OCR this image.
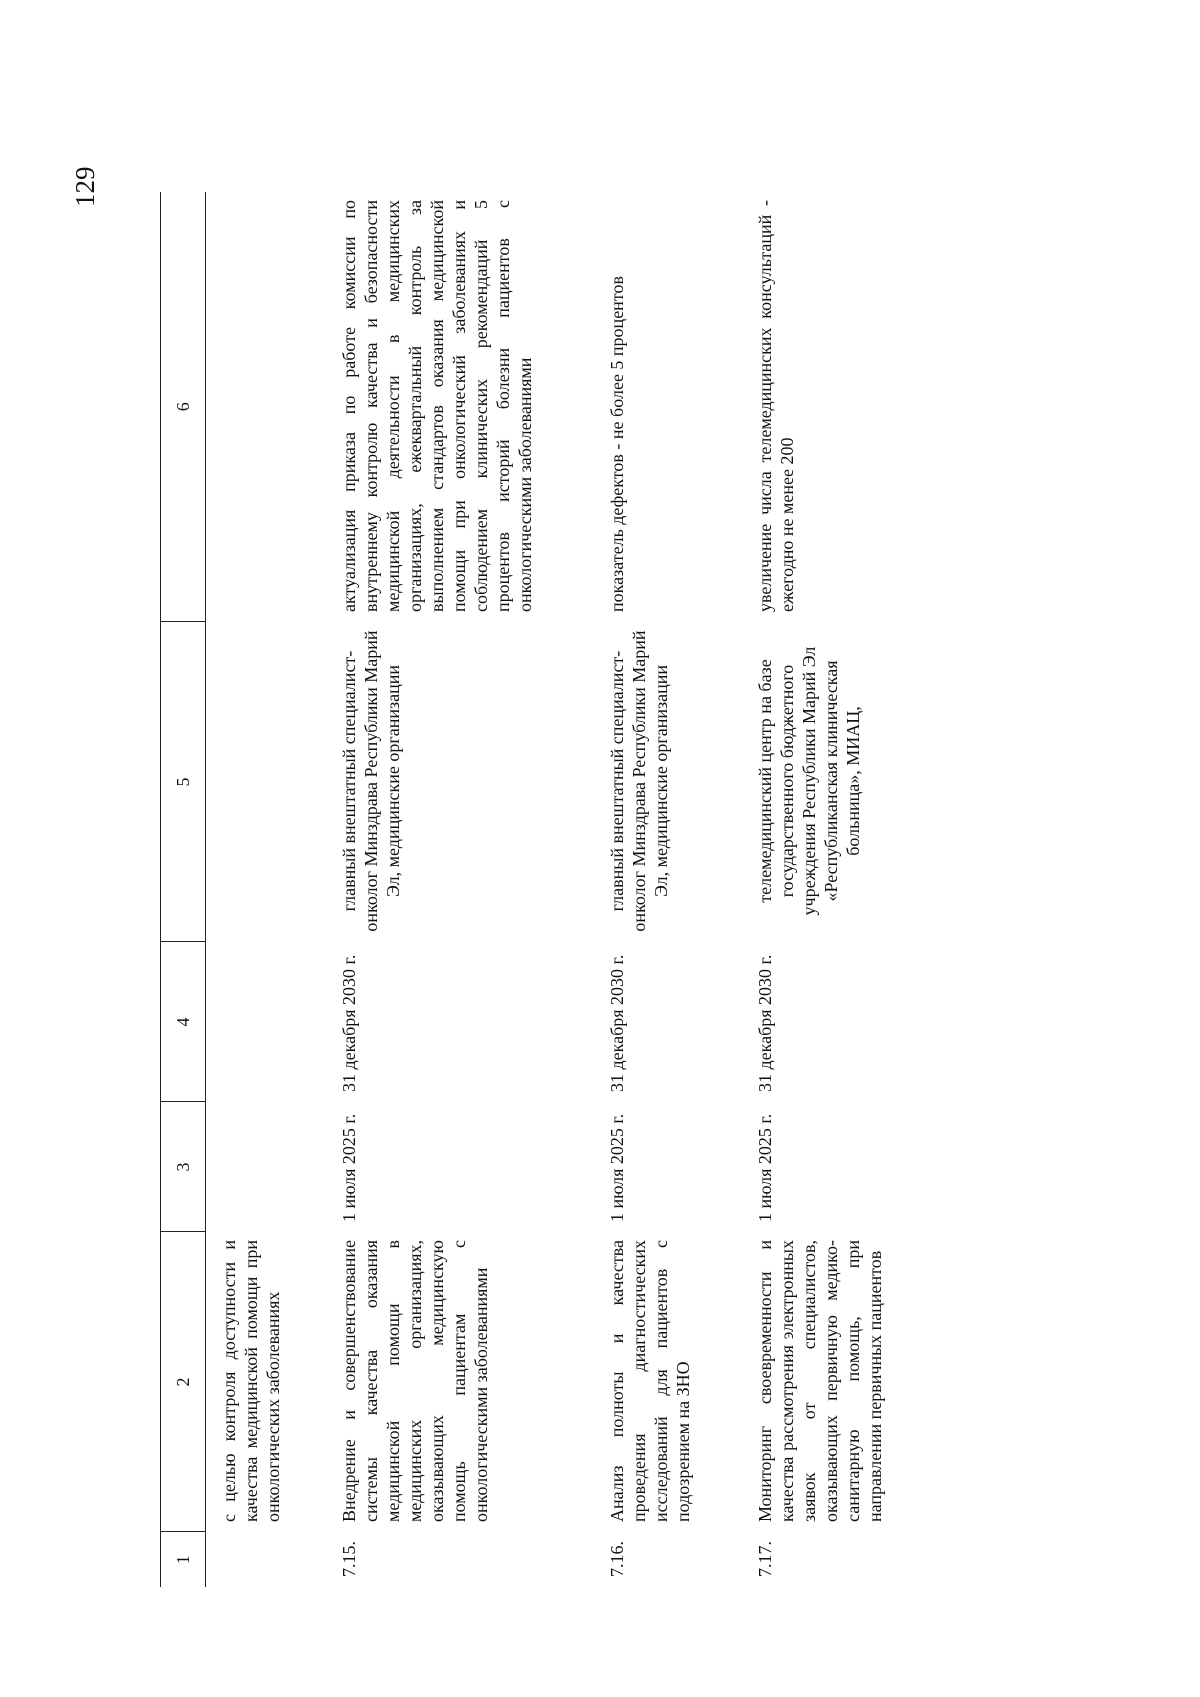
129
1	2	3	4	5	6
	с целью контроля доступности и качества медицинской помощи при онкологических заболеваниях				
7.15.	Внедрение и совершенствование системы качества оказания медицинской помощи в медицинских организациях, оказывающих медицинскую помощь пациентам с онкологическими заболеваниями	1 июля 2025 г.	31 декабря 2030 г.	главный внештатный специалист-онколог Минздрава Республики Марий Эл, медицинские организации	актуализация приказа по работе комиссии по внутреннему контролю качества и безопасности медицинской деятельности в медицинских организациях, ежеквартальный контроль за выполнением стандартов оказания медицинской помощи при онкологический заболеваниях и соблюдением клинических рекомендаций 5 процентов историй болезни пациентов с онкологическими заболеваниями
7.16.	Анализ полноты и качества проведения диагностических исследований для пациентов с подозрением на ЗНО	1 июля 2025 г.	31 декабря 2030 г.	главный внештатный специалист-онколог Минздрава Республики Марий Эл, медицинские организации	показатель дефектов - не более 5 процентов
7.17.	Мониторинг своевременности и качества рассмотрения электронных заявок от специалистов, оказывающих первичную медико-санитарную помощь, при направлении первичных пациентов	1 июля 2025 г.	31 декабря 2030 г.	телемедицинский центр на базе государственного бюджетного учреждения Республики Марий Эл «Республиканская клиническая больница», МИАЦ,	увеличение числа телемедицинских консультаций - ежегодно не менее 200
